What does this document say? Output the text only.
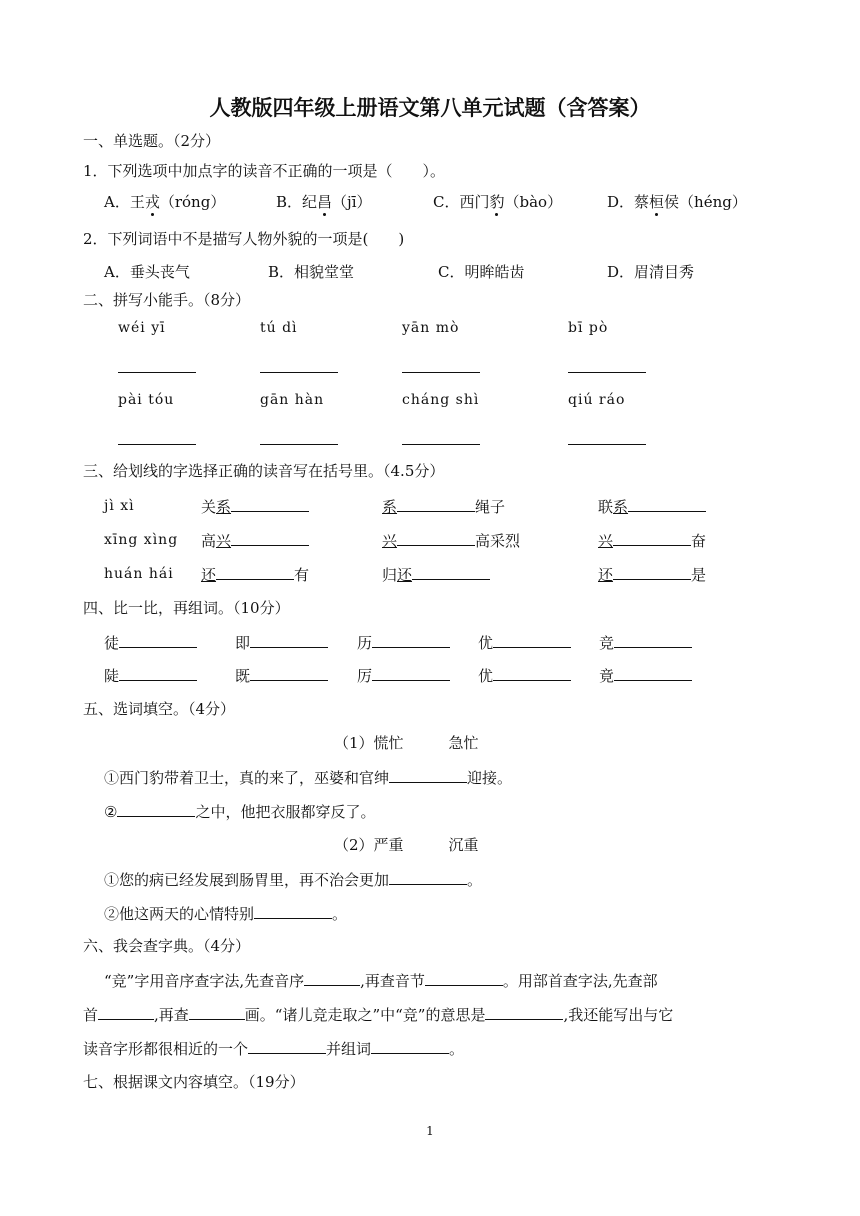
人教版四年级上册语文第八单元试题（含答案）
一、单选题。（2分）
1．下列选项中加点字的读音不正确的一项是（　　）。
A．王戎（róng）	B．纪昌（jī）	C．西门豹（bào）	D．蔡桓侯（héng）
2．下列词语中不是描写人物外貌的一项是(　　)
A．垂头丧气	B．相貌堂堂	C．明眸皓齿	D．眉清目秀
二、拼写小能手。（8分）
wéi yī	tú dì	yān mò	bī pò
pài tóu	gān hàn	cháng shì	qiú ráo
三、给划线的字选择正确的读音写在括号里。（4.5分）
jì xì	关系	系	绳子	联系
xīng xìng 高兴	兴	高采烈	兴	奋
huán hái 还	有	归还	还	是
四、比一比，再组词。（10分）
徒	即	历	优	竞
陡	既	厉	优	竟
五、选词填空。（4分）
（1）慌忙　　　急忙
①西门豹带着卫士，真的来了，巫婆和官绅	迎接。
②	之中，他把衣服都穿反了。
（2）严重　　　沉重
①您的病已经发展到肠胃里，再不治会更加	。
②他这两天的心情特别	。
六、我会查字典。（4分）
“竞”字用音序查字法,先查音序	,再查音节	。用部首查字法,先查部
首	,再查	画。“诸儿竞走取之”中“竞”的意思是	,我还能写出与它
读音字形都很相近的一个	并组词	。
七、根据课文内容填空。（19分）
1
